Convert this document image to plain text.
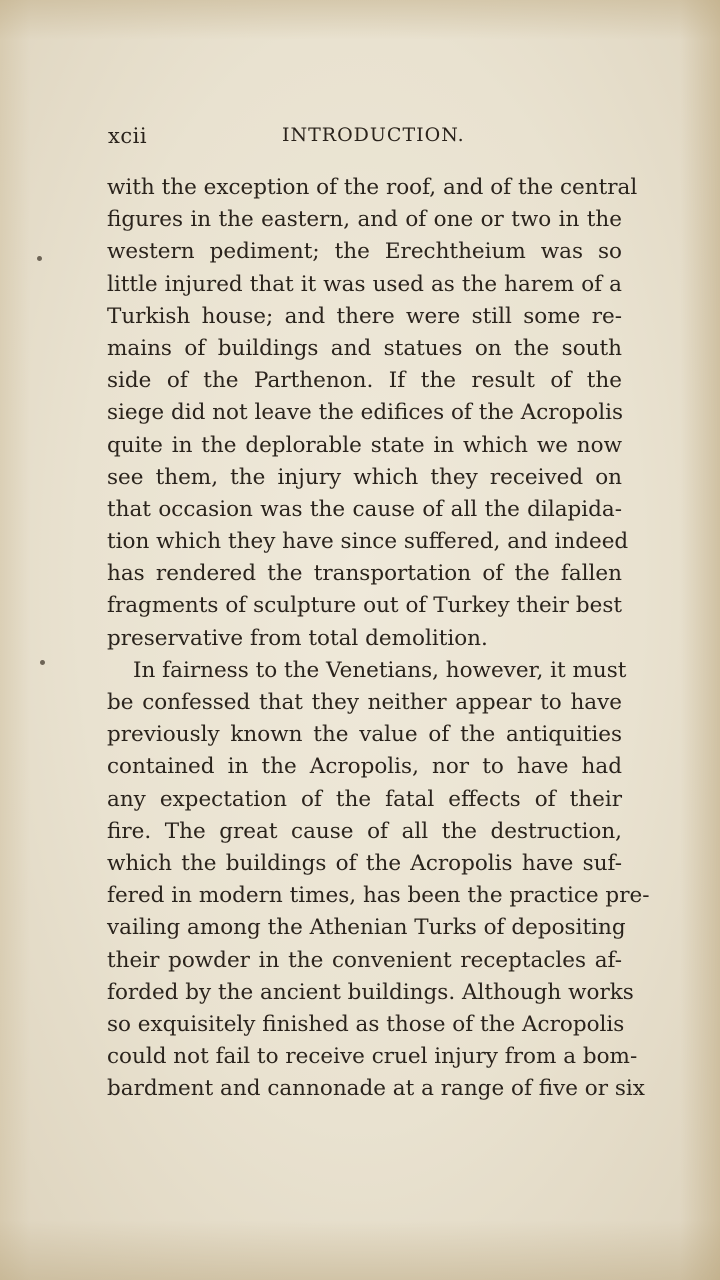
xcii	INTRODUCTION.
with the exception of the roof, and of the central
figures in the eastern, and of one or two in the
western pediment; the Erechtheium was so
little injured that it was used as the harem of a
Turkish house; and there were still some re-
mains of buildings and statues on the south
side of the Parthenon. If the result of the
siege did not leave the edifices of the Acropolis
quite in the deplorable state in which we now
see them, the injury which they received on
that occasion was the cause of all the dilapida-
tion which they have since suffered, and indeed
has rendered the transportation of the fallen
fragments of sculpture out of Turkey their best
preservative from total demolition.
In fairness to the Venetians, however, it must
be confessed that they neither appear to have
previously known the value of the antiquities
contained in the Acropolis, nor to have had
any expectation of the fatal effects of their
fire. The great cause of all the destruction,
which the buildings of the Acropolis have suf-
fered in modern times, has been the practice pre-
vailing among the Athenian Turks of depositing
their powder in the convenient receptacles af-
forded by the ancient buildings. Although works
so exquisitely finished as those of the Acropolis
could not fail to receive cruel injury from a bom-
bardment and cannonade at a range of five or six
